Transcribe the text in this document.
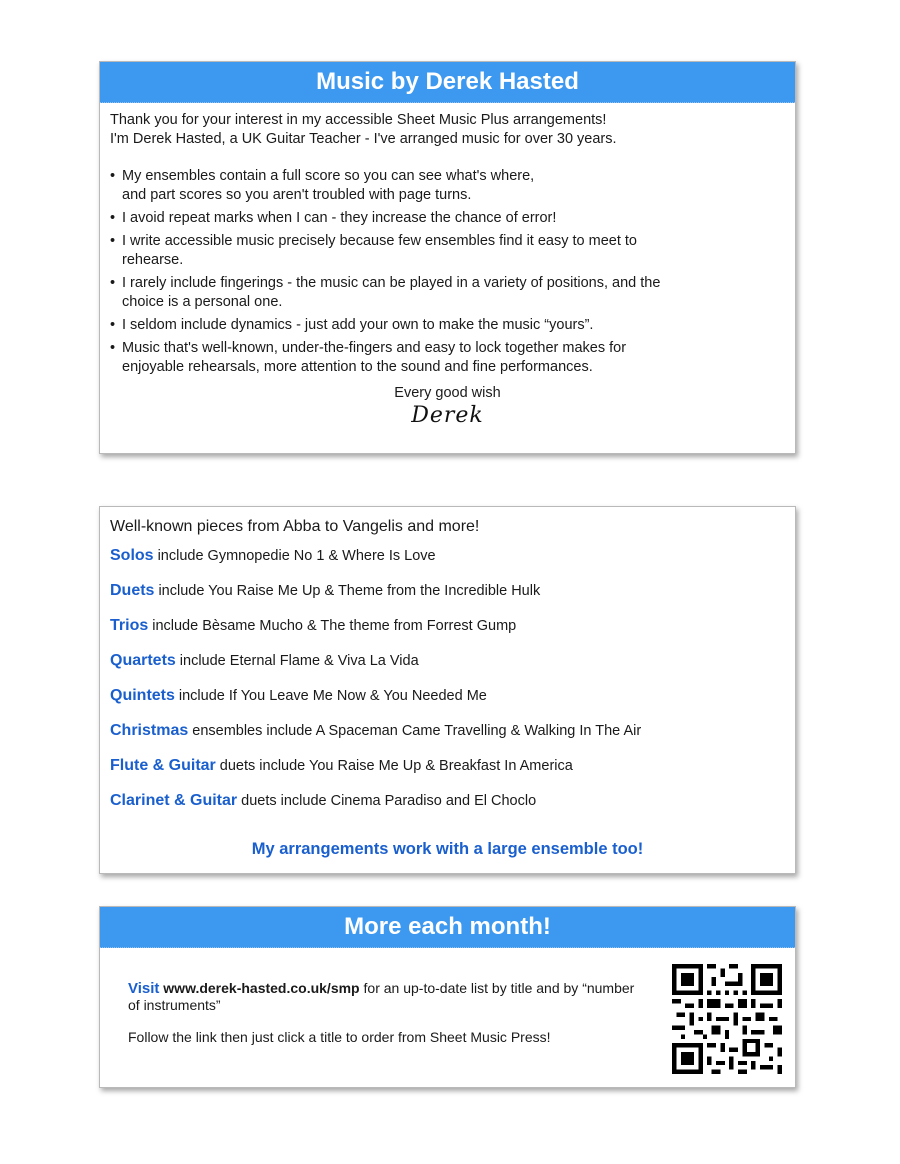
Music by Derek Hasted
Thank you for your interest in my accessible Sheet Music Plus arrangements!
I'm Derek Hasted, a UK Guitar Teacher - I've arranged music for over 30 years.
• My ensembles contain a full score so you can see what's where,
and part scores so you aren't troubled with page turns.
• I avoid repeat marks when I can - they increase the chance of error!
• I write accessible music precisely because few ensembles find it easy to meet to
rehearse.
• I rarely include fingerings - the music can be played in a variety of positions, and the
choice is a personal one.
• I seldom include dynamics - just add your own to make the music “yours”.
• Music that's well-known, under-the-fingers and easy to lock together makes for
enjoyable rehearsals, more attention to the sound and fine performances.
Every good wish
Derek
Well-known pieces from Abba to Vangelis and more!
Solos include Gymnopedie No 1 & Where Is Love
Duets include You Raise Me Up & Theme from the Incredible Hulk
Trios include Bèsame Mucho & The theme from Forrest Gump
Quartets include Eternal Flame & Viva La Vida
Quintets include If You Leave Me Now & You Needed Me
Christmas ensembles include A Spaceman Came Travelling & Walking In The Air
Flute & Guitar duets include You Raise Me Up & Breakfast In America
Clarinet & Guitar duets include Cinema Paradiso and El Choclo
My arrangements work with a large ensemble too!
More each month!
Visit www.derek-hasted.co.uk/smp for an up-to-date list by title and by “number of instruments”
Follow the link then just click a title to order from Sheet Music Press!
